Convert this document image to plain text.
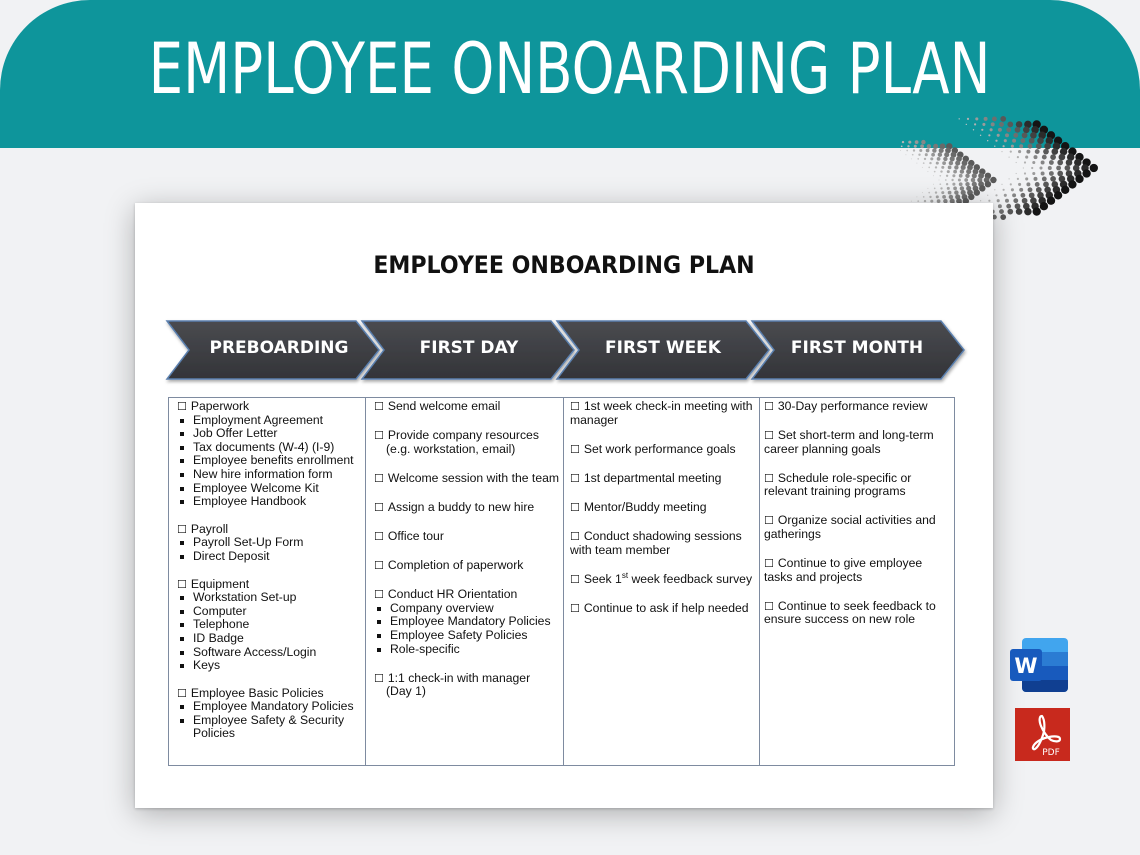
EMPLOYEE ONBOARDING PLAN
EMPLOYEE ONBOARDING PLAN
PREBOARDING	FIRST DAY	FIRST WEEK	FIRST MONTH
☐ Paperwork
Employment Agreement
Job Offer Letter
Tax documents (W-4) (I-9)
Employee benefits enrollment
New hire information form
Employee Welcome Kit
Employee Handbook
☐ Payroll
Payroll Set-Up Form
Direct Deposit
☐ Equipment
Workstation Set-up
Computer
Telephone
ID Badge
Software Access/Login
Keys
☐ Employee Basic Policies
Employee Mandatory Policies
Employee Safety & Security
Policies
☐ Send welcome email
☐ Provide company resources
(e.g. workstation, email)
☐ Welcome session with the team
☐ Assign a buddy to new hire
☐ Office tour
☐ Completion of paperwork
☐ Conduct HR Orientation
Company overview
Employee Mandatory Policies
Employee Safety Policies
Role-specific
☐ 1:1 check-in with manager
(Day 1)
☐ 1st week check-in meeting with
manager
☐ Set work performance goals
☐ 1st departmental meeting
☐ Mentor/Buddy meeting
☐ Conduct shadowing sessions
with team member
☐ Seek 1st week feedback survey
☐ Continue to ask if help needed
☐ 30-Day performance review
☐ Set short-term and long-term
career planning goals
☐ Schedule role-specific or
relevant training programs
☐ Organize social activities and
gatherings
☐ Continue to give employee
tasks and projects
☐ Continue to seek feedback to
ensure success on new role
W
PDF
